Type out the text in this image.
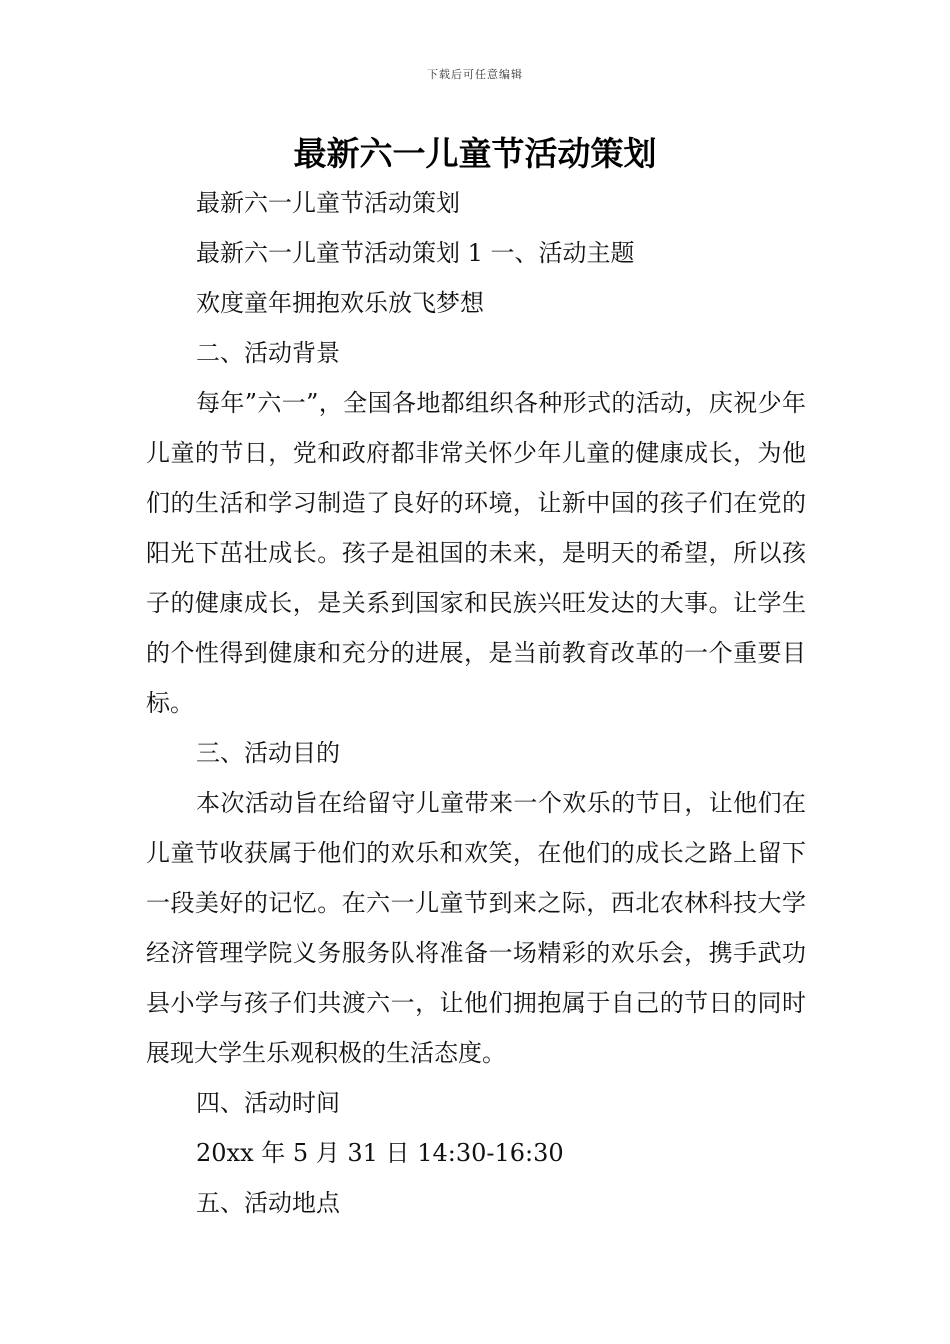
下载后可任意编辑
最新六一儿童节活动策划

最新六一儿童节活动策划

最新六一儿童节活动策划 1 一、活动主题

欢度童年拥抱欢乐放飞梦想

二、活动背景

每年”六一”，全国各地都组织各种形式的活动，庆祝少年儿童的节日，党和政府都非常关怀少年儿童的健康成长，为他们的生活和学习制造了良好的环境，让新中国的孩子们在党的阳光下茁壮成长。孩子是祖国的未来，是明天的希望，所以孩子的健康成长，是关系到国家和民族兴旺发达的大事。让学生的个性得到健康和充分的进展，是当前教育改革的一个重要目标。

三、活动目的

本次活动旨在给留守儿童带来一个欢乐的节日，让他们在儿童节收获属于他们的欢乐和欢笑，在他们的成长之路上留下一段美好的记忆。在六一儿童节到来之际，西北农林科技大学经济管理学院义务服务队将准备一场精彩的欢乐会，携手武功县小学与孩子们共渡六一，让他们拥抱属于自己的节日的同时展现大学生乐观积极的生活态度。

四、活动时间

20xx 年 5 月 31 日 14:30-16:30

五、活动地点
